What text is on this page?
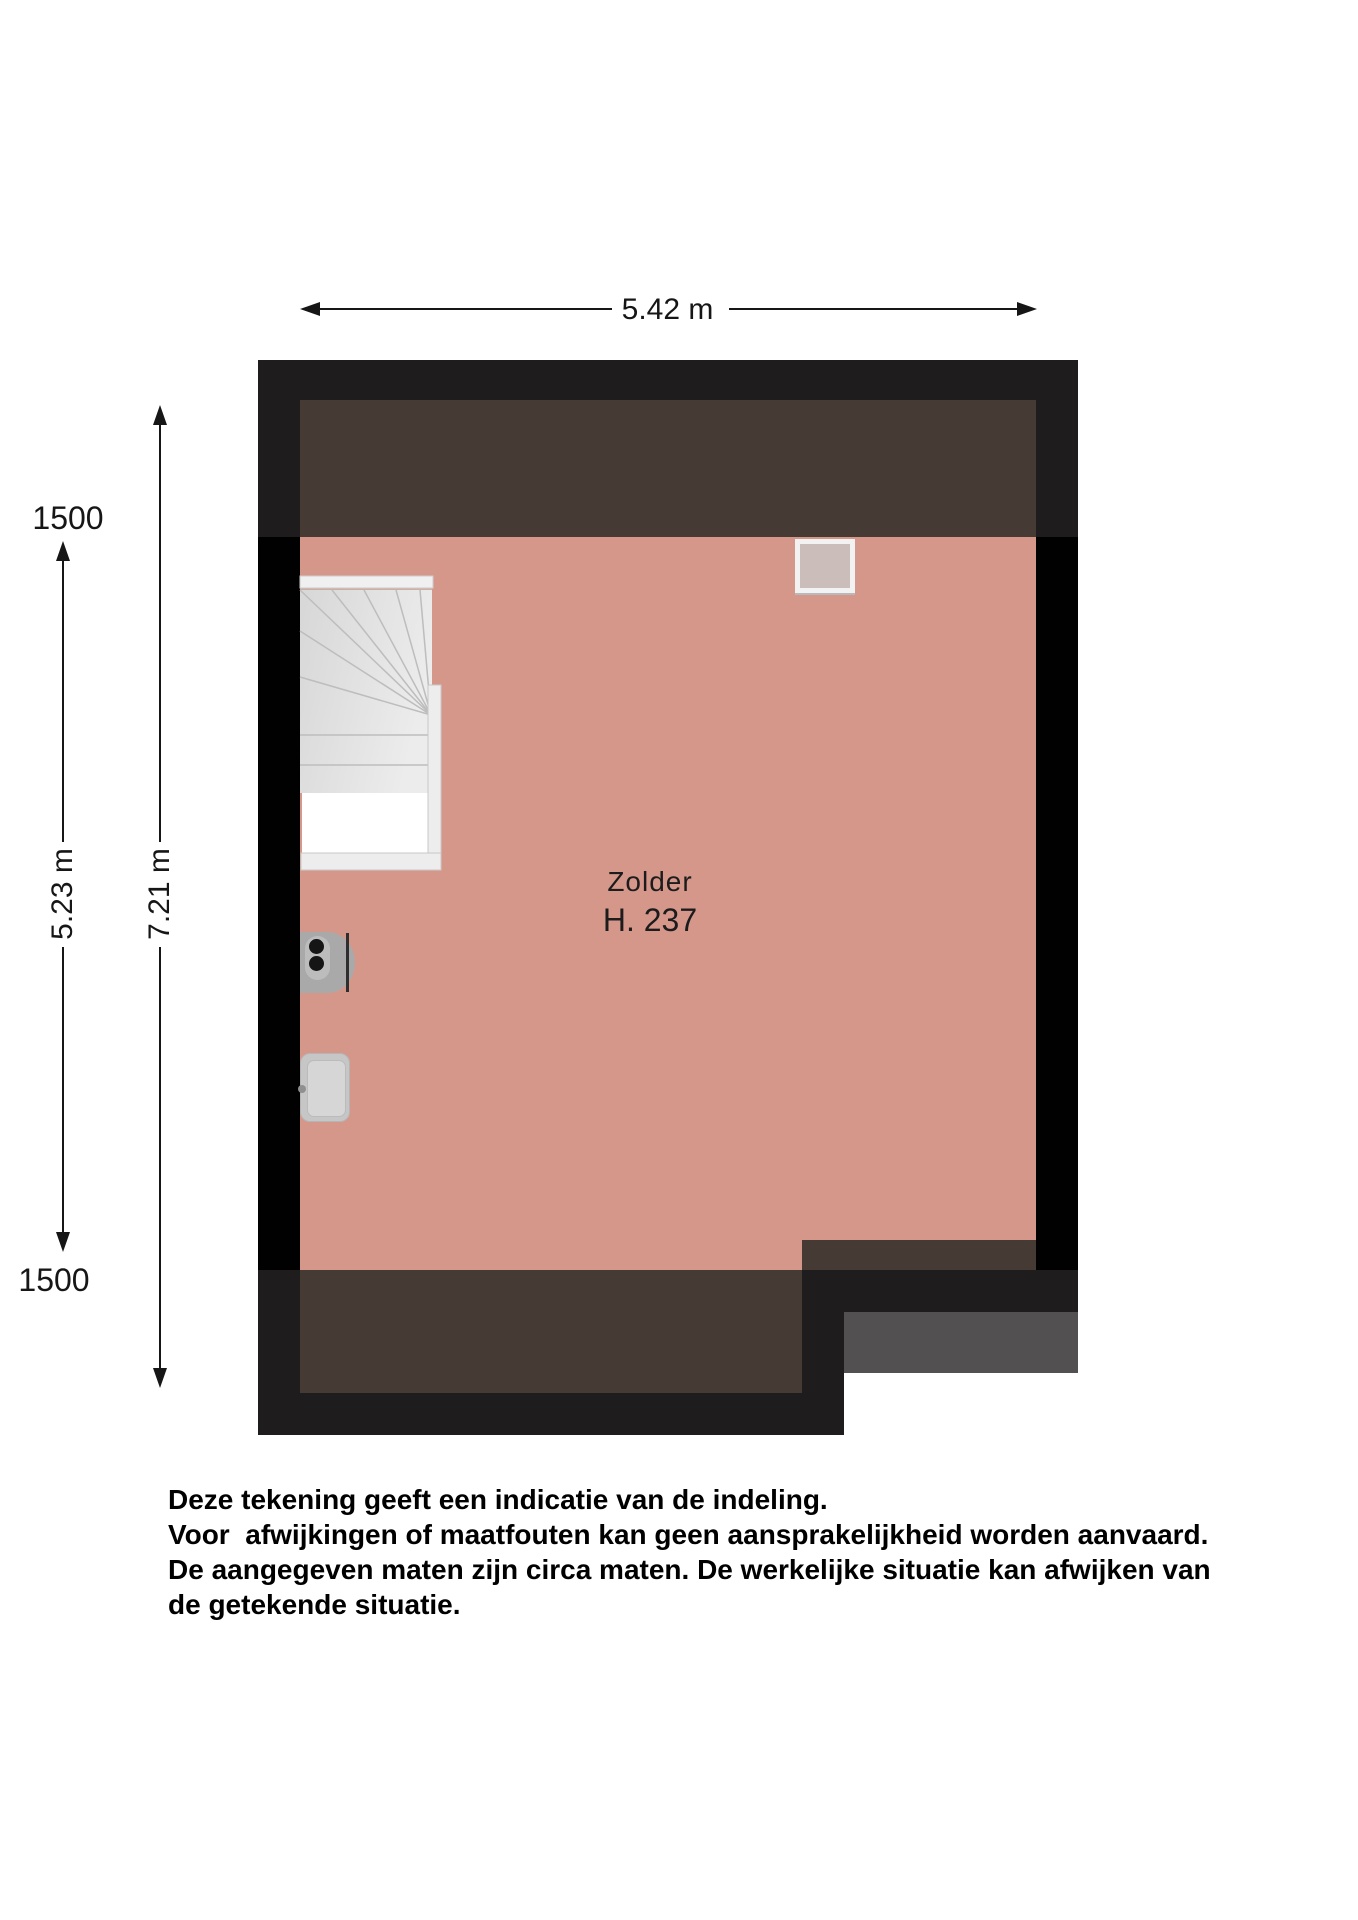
5.42 m
1500
5.23 m
1500
7.21 m	Zolder
H. 237
Deze tekening geeft een indicatie van de indeling.
Voor  afwijkingen of maatfouten kan geen aansprakelijkheid worden aanvaard.
De aangegeven maten zijn circa maten. De werkelijke situatie kan afwijken van
de getekende situatie.
